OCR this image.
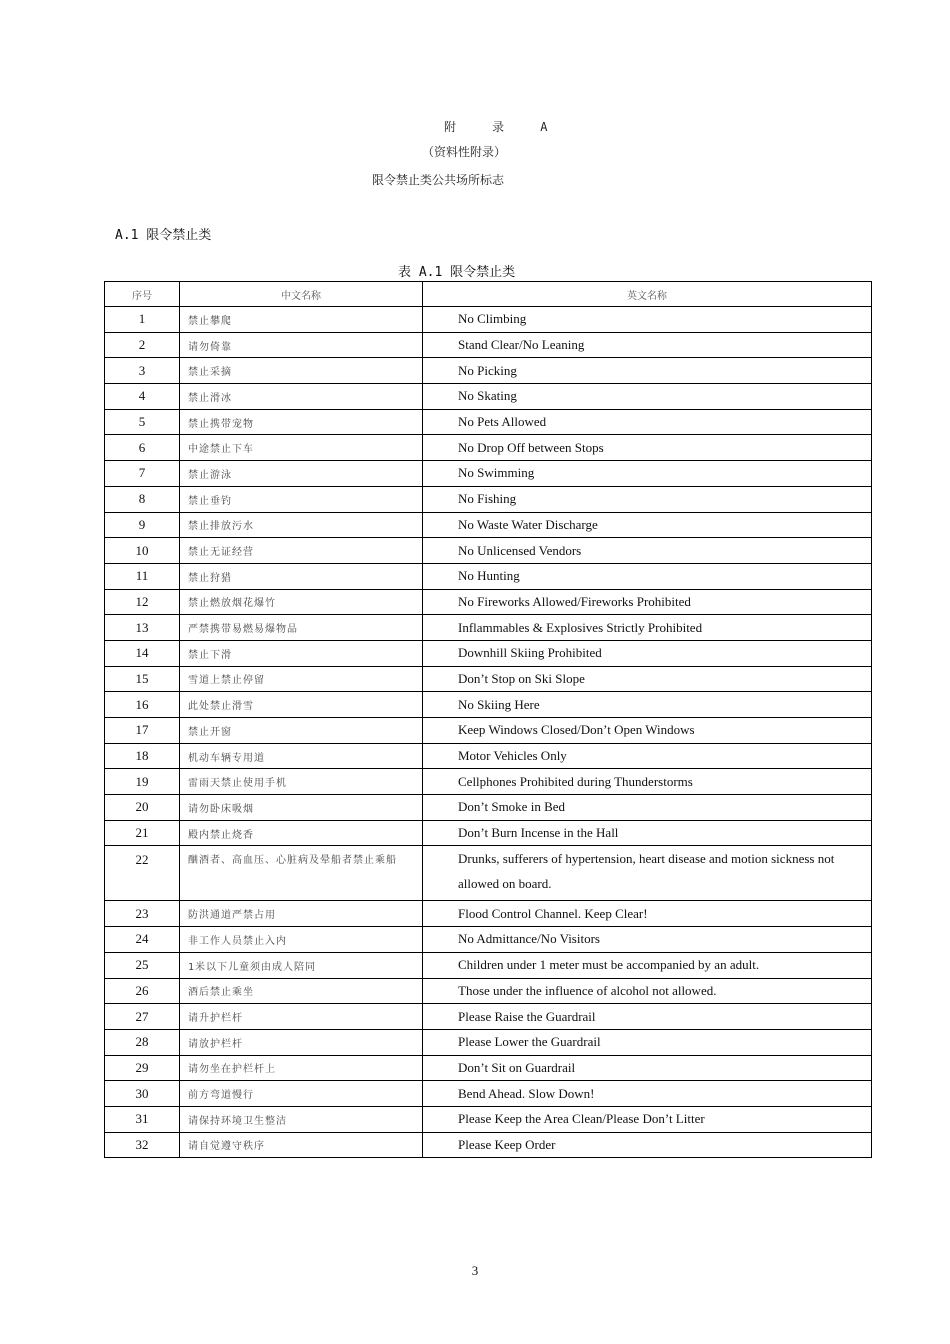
附	录	A
（资料性附录）
限令禁止类公共场所标志
A.1 限令禁止类
表 A.1 限令禁止类
序号	中文名称	英文名称
1	禁止攀爬	No Climbing
2	请勿倚靠	Stand Clear/No Leaning
3	禁止采摘	No Picking
4	禁止滑冰	No Skating
5	禁止携带宠物	No Pets Allowed
6	中途禁止下车	No Drop Off between Stops
7	禁止游泳	No Swimming
8	禁止垂钓	No Fishing
9	禁止排放污水	No Waste Water Discharge
10	禁止无证经营	No Unlicensed Vendors
11	禁止狩猎	No Hunting
12	禁止燃放烟花爆竹	No Fireworks Allowed/Fireworks Prohibited
13	严禁携带易燃易爆物品	Inflammables & Explosives Strictly Prohibited
14	禁止下滑	Downhill Skiing Prohibited
15	雪道上禁止停留	Don’t Stop on Ski Slope
16	此处禁止滑雪	No Skiing Here
17	禁止开窗	Keep Windows Closed/Don’t Open Windows
18	机动车辆专用道	Motor Vehicles Only
19	雷雨天禁止使用手机	Cellphones Prohibited during Thunderstorms
20	请勿卧床吸烟	Don’t Smoke in Bed
21	殿内禁止烧香	Don’t Burn Incense in the Hall
22	酗酒者、高血压、心脏病及晕船者禁止乘船	Drunks, sufferers of hypertension, heart disease and motion sickness not allowed on board.
23	防洪通道严禁占用	Flood Control Channel. Keep Clear!
24	非工作人员禁止入内	No Admittance/No Visitors
25	1米以下儿童须由成人陪同	Children under 1 meter must be accompanied by an adult.
26	酒后禁止乘坐	Those under the influence of alcohol not allowed.
27	请升护栏杆	Please Raise the Guardrail
28	请放护栏杆	Please Lower the Guardrail
29	请勿坐在护栏杆上	Don’t Sit on Guardrail
30	前方弯道慢行	Bend Ahead. Slow Down!
31	请保持环境卫生整洁	Please Keep the Area Clean/Please Don’t Litter
32	请自觉遵守秩序	Please Keep Order
3
